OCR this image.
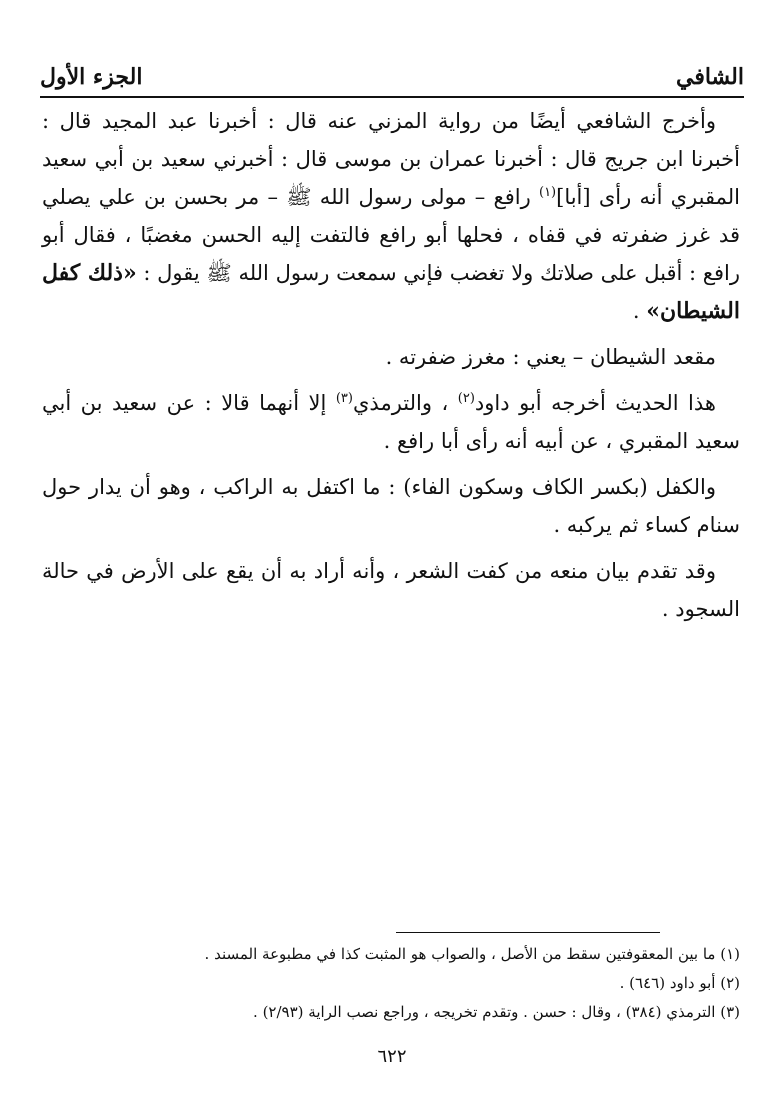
الشافي
الجزء الأول

وأخرج الشافعي أيضًا من رواية المزني عنه قال : أخبرنا عبد المجيد قال : أخبرنا ابن جريج قال : أخبرنا عمران بن موسى قال : أخبرني سعيد بن أبي سعيد المقبري أنه رأى [أبا]$^{(١)}$ رافع – مولى رسول الله ﷺ – مر بحسن بن علي يصلي قد غرز ضفرته في قفاه ، فحلها أبو رافع فالتفت إليه الحسن مغضبًا ، فقال أبو رافع : أقبل على صلاتك ولا تغضب فإني سمعت رسول الله ﷺ يقول : «ذلك كفل الشيطان» .

مقعد الشيطان – يعني : مغرز ضفرته .

هذا الحديث أخرجه أبو داود$^{(٢)}$ ، والترمذي$^{(٣)}$ إلا أنهما قالا : عن سعيد بن أبي سعيد المقبري ، عن أبيه أنه رأى أبا رافع .

والكفل (بكسر الكاف وسكون الفاء) : ما اكتفل به الراكب ، وهو أن يدار حول سنام كساء ثم يركبه .

وقد تقدم بيان منعه من كفت الشعر ، وأنه أراد به أن يقع على الأرض في حالة السجود .

(١) ما بين المعقوفتين سقط من الأصل ، والصواب هو المثبت كذا في مطبوعة المسند .
(٢) أبو داود (٦٤٦) .
(٣) الترمذي (٣٨٤) ، وقال : حسن . وتقدم تخريجه ، وراجع نصب الراية (٢/٩٣) .
٦٢٢
